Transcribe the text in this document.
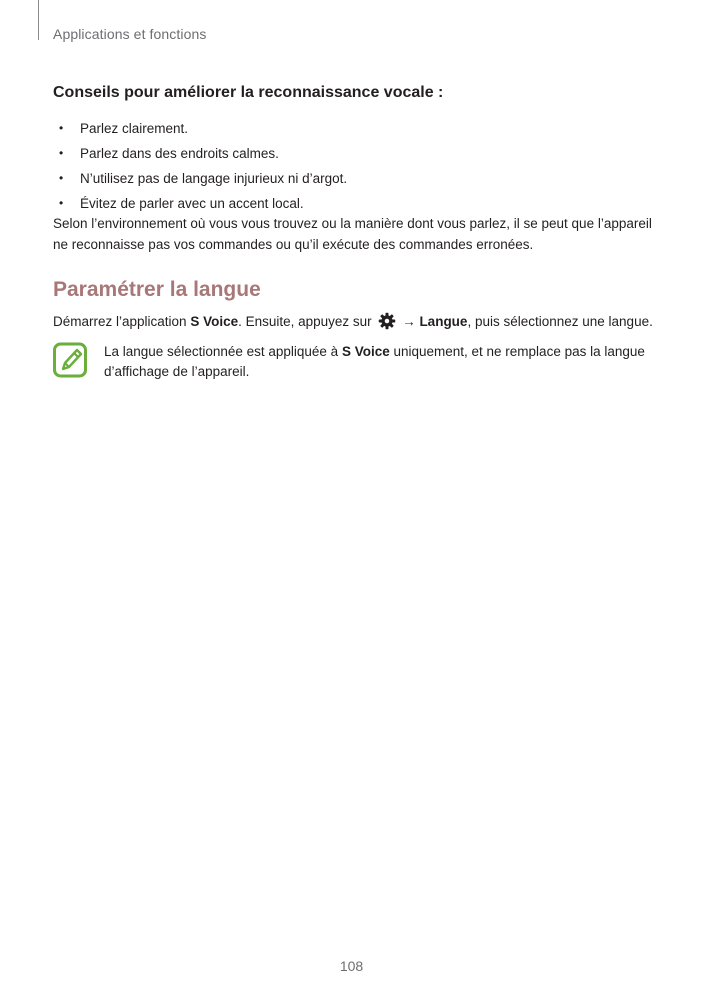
Applications et fonctions
Conseils pour améliorer la reconnaissance vocale :
• Parlez clairement.
• Parlez dans des endroits calmes.
• N’utilisez pas de langage injurieux ni d’argot.
• Évitez de parler avec un accent local.
Selon l’environnement où vous vous trouvez ou la manière dont vous parlez, il se peut que l’appareil ne reconnaisse pas vos commandes ou qu’il exécute des commandes erronées.
Paramétrer la langue
Démarrez l’application S Voice. Ensuite, appuyez sur  → Langue, puis sélectionnez une langue.
La langue sélectionnée est appliquée à S Voice uniquement, et ne remplace pas la langue d’affichage de l’appareil.
108
